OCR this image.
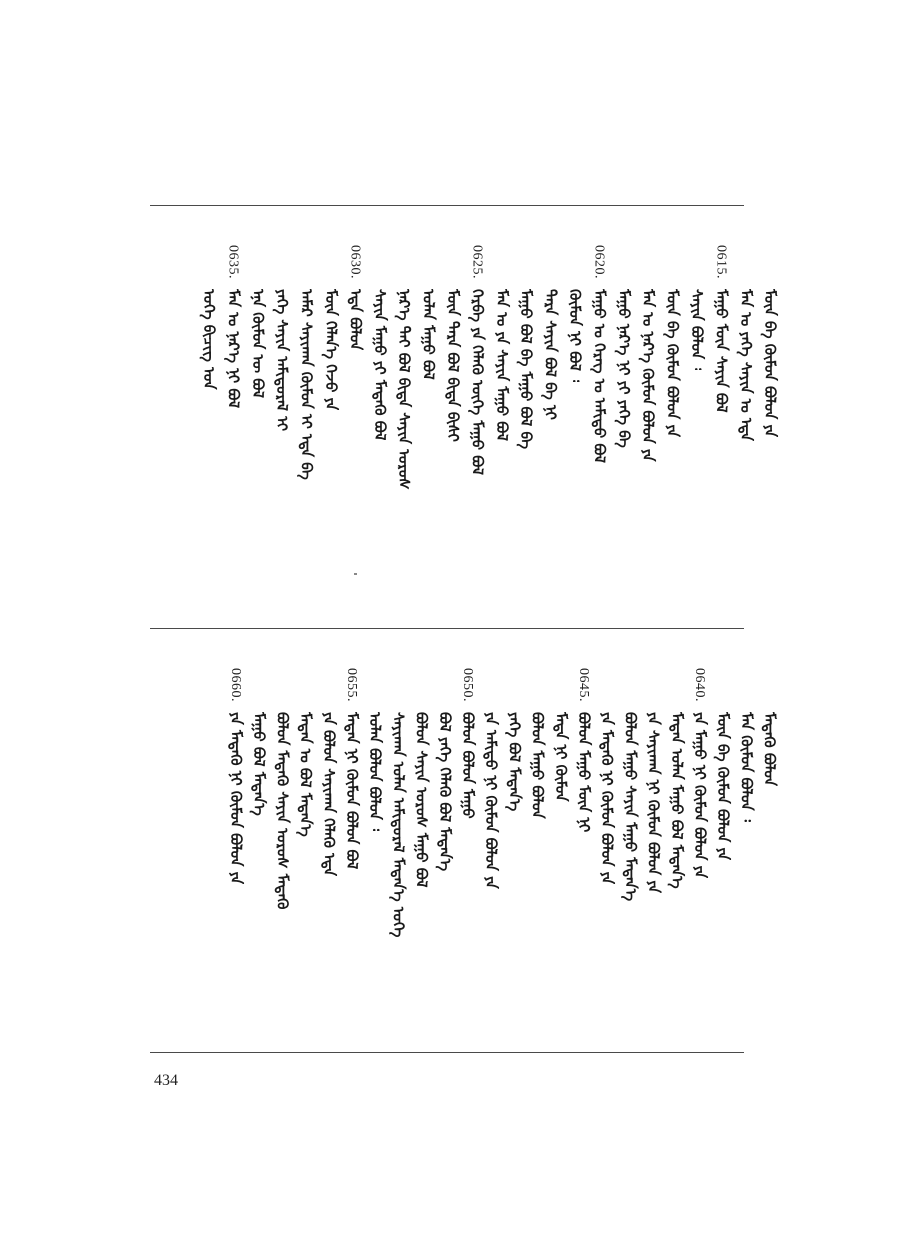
ᠤᠭᠡ ᠪᠢᠴᠢᠭ ᠤᠨ
0635.
ᠮᠡᠨ ᠤ ᠨᠡᠷ᠎ᠡ ᠨᠢ ᠪᠣᠯ ᠡᠨᠡ ᠬᠥᠮᠦᠨ ᠦ ᠪᠣᠯ ᠶᠡᠬᠡ ᠰᠠᠶᠢᠨ ᠠᠮᠢᠳᠤᠷᠠᠯ ᠢ ᠠᠮᠠᠷ ᠰᠠᠶᠢᠬᠠᠨ ᠬᠦᠮᠦᠨ ᠢ ᠡᠳᠡ ᠪᠡ ᠮᠥᠨ ᠬᠡᠯᠡᠨ᠎ᠡ ᠭᠡᠵᠦ ᠶᠠ
0630.
ᠡᠳᠡ ᠪᠣᠯᠤᠨ ᠰᠠᠶᠢᠨ ᠮᠠᠭᠤ ᠶᠢ ᠮᠡᠳᠡᠬᠦ ᠪᠣᠯ ᠨᠡᠷ᠎ᠡ ᠲᠡᠢ ᠪᠣᠯ ᠪᠢᠳᠡ ᠰᠠᠶᠢᠨ ᠤᠷᠤᠰ ᠣᠯᠠᠨ ᠮᠠᠭᠤ ᠪᠣᠯ ᠮᠥᠨ ᠲᠡᠷᠡ ᠪᠣᠯ ᠪᠢᠳᠡ ᠪᠢᠰᠢ
0625.
ᠬᠡᠷᠪᠡ ᠶᠠ ᠬᠡᠯᠡᠬᠦ ᠦᠭᠡ ᠮᠠᠭᠤ ᠪᠣᠯ ᠮᠡᠨ ᠤ ᠶᠠ ᠰᠠᠶᠢᠨ ᠮᠠᠭᠤ ᠪᠣᠯ ᠮᠠᠭᠤ ᠪᠣᠯ ᠪᠡ ᠮᠠᠭᠤ ᠪᠣᠯ ᠪᠡ ᠲᠡᠷᠡ ᠰᠠᠶᠢᠨ ᠪᠣᠯ ᠪᠡ ᠨᠢ ᠬᠥᠮᠦᠨ ᠨᠢ ᠪᠣᠯ ᠄
0620.
ᠮᠠᠭᠤ ᠤ ᠬᠡᠷᠡᠭ ᠤ ᠠᠮᠢᠳᠤ ᠪᠣᠯ ᠮᠠᠭᠤ ᠨᠡᠷ᠎ᠡ ᠨᠢ ᠶᠢ ᠶᠡᠬᠡ ᠪᠡ ᠮᠡᠨ ᠤ ᠨᠡᠷ᠎ᠡ ᠬᠥᠮᠦᠨ ᠪᠣᠯᠤᠨ ᠶᠠ ᠮᠥᠨ ᠪᠡ ᠬᠥᠮᠦᠨ ᠪᠣᠯᠤᠨ ᠶᠠ ᠰᠠᠶᠢᠨ ᠪᠣᠯᠤᠨ ᠄
0615.
ᠮᠠᠭᠤ ᠮᠥᠨ ᠰᠠᠶᠢᠨ ᠪᠣᠯ ᠮᠡᠨ ᠤ ᠶᠡᠬᠡ ᠰᠠᠶᠢᠨ ᠤ ᠡᠳᠡ ᠮᠥᠨ ᠪᠡ ᠬᠥᠮᠦᠨ ᠪᠣᠯᠤᠨ ᠶᠠ
0660.
ᠶᠠ ᠮᠡᠳᠡᠬᠦ ᠨᠢ ᠬᠥᠮᠦᠨ ᠪᠣᠯᠤᠨ ᠶᠠ ᠮᠠᠭᠤ ᠪᠣᠯ ᠮᠡᠳᠡᠨ᠎ᠡ ᠪᠣᠯᠤᠨ ᠮᠡᠳᠡᠬᠦ ᠰᠠᠶᠢᠨ ᠤᠷᠤᠰ ᠮᠡᠳᠡᠬᠦ ᠮᠡᠳᠡᠨ ᠤ ᠪᠣᠯ ᠮᠡᠳᠡᠨ᠎ᠡ ᠶᠠ ᠪᠣᠯᠤᠨ ᠰᠠᠶᠢᠬᠠᠨ ᠬᠡᠯᠡᠬᠦ ᠡᠳᠡ
0655.
ᠮᠡᠳᠡᠨ ᠨᠢ ᠬᠥᠮᠦᠨ ᠪᠣᠯᠤᠨ ᠪᠣᠯ ᠤᠯᠠᠨ ᠪᠣᠯᠤᠨ ᠪᠣᠯᠤᠨ ᠄ ᠰᠠᠶᠢᠬᠠᠨ ᠤᠯᠠᠨ ᠠᠮᠢᠳᠤᠷᠠᠯ ᠮᠡᠳᠡᠨ᠎ᠡ ᠤᠭᠡ ᠪᠣᠯᠤᠨ ᠰᠠᠶᠢᠨ ᠤᠷᠤᠰ ᠮᠠᠭᠤ ᠪᠣᠯ ᠪᠣᠯ ᠶᠡᠬᠡ ᠬᠡᠯᠡᠬᠦ ᠪᠣᠯ ᠮᠡᠳᠡᠨ᠎ᠡ
0650.
ᠪᠣᠯᠤᠨ ᠪᠣᠯᠤᠨ ᠮᠠᠭᠤ ᠶᠠ ᠠᠮᠢᠳᠤ ᠨᠢ ᠬᠥᠮᠦᠨ ᠪᠣᠯᠤᠨ ᠶᠠ ᠶᠡᠬᠡ ᠪᠣᠯ ᠮᠡᠳᠡᠨ᠎ᠡ ᠪᠣᠯᠤᠨ ᠮᠠᠭᠤ ᠪᠣᠯᠤᠨ ᠮᠡᠳᠡ ᠨᠢ ᠬᠥᠮᠦᠨ
0645.
ᠪᠣᠯᠤᠨ ᠮᠠᠭᠤ ᠮᠥᠨ ᠨᠢ ᠶᠠ ᠮᠡᠳᠡᠬᠦ ᠨᠢ ᠬᠥᠮᠦᠨ ᠪᠣᠯᠤᠨ ᠶᠠ ᠪᠣᠯᠤᠨ ᠮᠠᠭᠤ ᠰᠠᠶᠢᠨ ᠮᠠᠭᠤ ᠮᠡᠳᠡᠨ᠎ᠡ ᠶᠠ ᠰᠠᠶᠢᠬᠠᠨ ᠨᠢ ᠬᠥᠮᠦᠨ ᠪᠣᠯᠤᠨ ᠶᠠ ᠮᠡᠳᠡᠨ ᠤᠯᠠᠨ ᠮᠠᠭᠤ ᠪᠣᠯ ᠮᠡᠳᠡᠨ᠎ᠡ
0640.
ᠶᠠ ᠮᠠᠭᠤ ᠨᠢ ᠬᠥᠮᠦᠨ ᠪᠣᠯᠤᠨ ᠶᠠ ᠮᠥᠨ ᠪᠡ ᠬᠥᠮᠦᠨ ᠪᠣᠯᠤᠨ ᠶᠠ ᠮᠡᠨ ᠬᠥᠮᠦᠨ ᠪᠣᠯᠤᠨ ᠄ ᠮᠡᠳᠡᠬᠦ ᠪᠣᠯᠤᠨ
434
